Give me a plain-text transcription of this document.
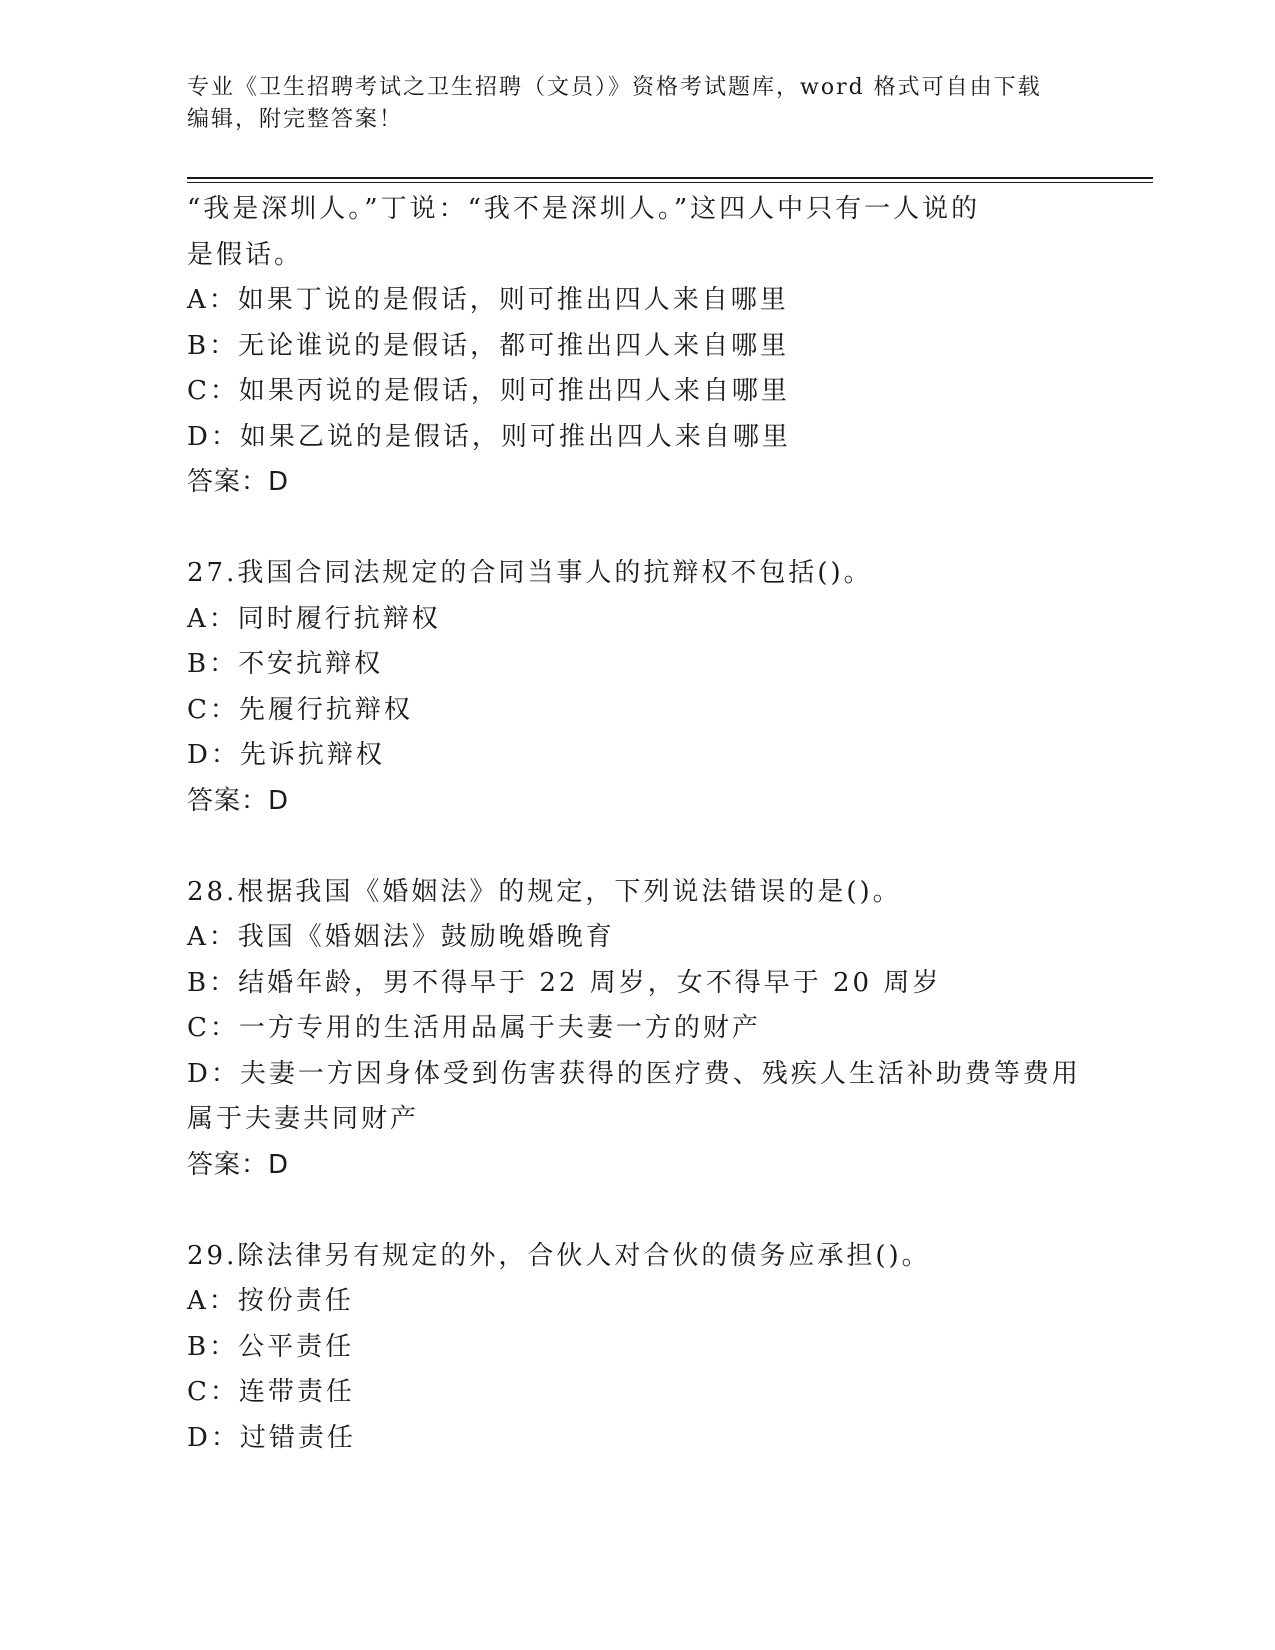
专业《卫生招聘考试之卫生招聘（文员）》资格考试题库，word 格式可自由下载

编辑，附完整答案！

“我是深圳人。”丁说：“我不是深圳人。”这四人中只有一人说的
是假话。
A：如果丁说的是假话，则可推出四人来自哪里
B：无论谁说的是假话，都可推出四人来自哪里
C：如果丙说的是假话，则可推出四人来自哪里
D：如果乙说的是假话，则可推出四人来自哪里
答案：D
27.我国合同法规定的合同当事人的抗辩权不包括()。
A：同时履行抗辩权
B：不安抗辩权
C：先履行抗辩权
D：先诉抗辩权
答案：D
28.根据我国《婚姻法》的规定，下列说法错误的是()。
A：我国《婚姻法》鼓励晚婚晚育
B：结婚年龄，男不得早于 22 周岁，女不得早于 20 周岁
C：一方专用的生活用品属于夫妻一方的财产
D：夫妻一方因身体受到伤害获得的医疗费、残疾人生活补助费等费用
属于夫妻共同财产
答案：D
29.除法律另有规定的外，合伙人对合伙的债务应承担()。
A：按份责任
B：公平责任
C：连带责任
D：过错责任
